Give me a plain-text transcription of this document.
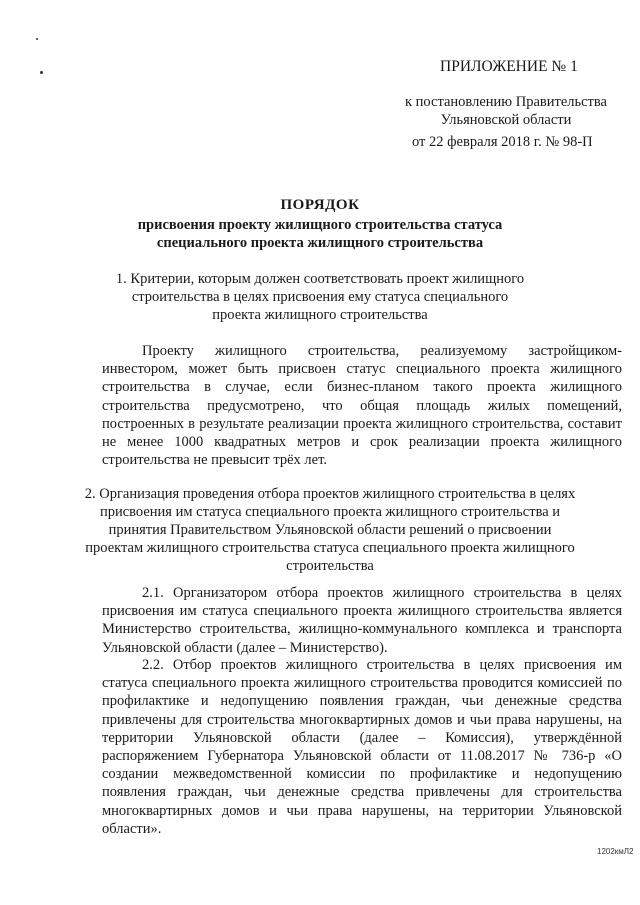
ПРИЛОЖЕНИЕ № 1
к постановлению Правительства
Ульяновской области
от 22 февраля 2018 г. № 98-П
ПОРЯДОК
присвоения проекту жилищного строительства статуса специального проекта жилищного строительства
1. Критерии, которым должен соответствовать проект жилищного строительства в целях присвоения ему статуса специального проекта жилищного строительства
Проекту жилищного строительства, реализуемому застройщиком-инвестором, может быть присвоен статус специального проекта жилищного строительства в случае, если бизнес-планом такого проекта жилищного строительства предусмотрено, что общая площадь жилых помещений, построенных в результате реализации проекта жилищного строительства, составит не менее 1000 квадратных метров и срок реализации проекта жилищного строительства не превысит трёх лет.
2. Организация проведения отбора проектов жилищного строительства в целях присвоения им статуса специального проекта жилищного строительства и принятия Правительством Ульяновской области решений о присвоении проектам жилищного строительства статуса специального проекта жилищного строительства
2.1. Организатором отбора проектов жилищного строительства в целях присвоения им статуса специального проекта жилищного строительства является Министерство строительства, жилищно-коммунального комплекса и транспорта Ульяновской области (далее – Министерство).
2.2. Отбор проектов жилищного строительства в целях присвоения им статуса специального проекта жилищного строительства проводится комиссией по профилактике и недопущению появления граждан, чьи денежные средства привлечены для строительства многоквартирных домов и чьи права нарушены, на территории Ульяновской области (далее – Комиссия), утверждённой распоряжением Губернатора Ульяновской области от 11.08.2017 № 736-р «О создании межведомственной комиссии по профилактике и недопущению появления граждан, чьи денежные средства привлечены для строительства многоквартирных домов и чьи права нарушены, на территории Ульяновской области».
1202кмЛ2
